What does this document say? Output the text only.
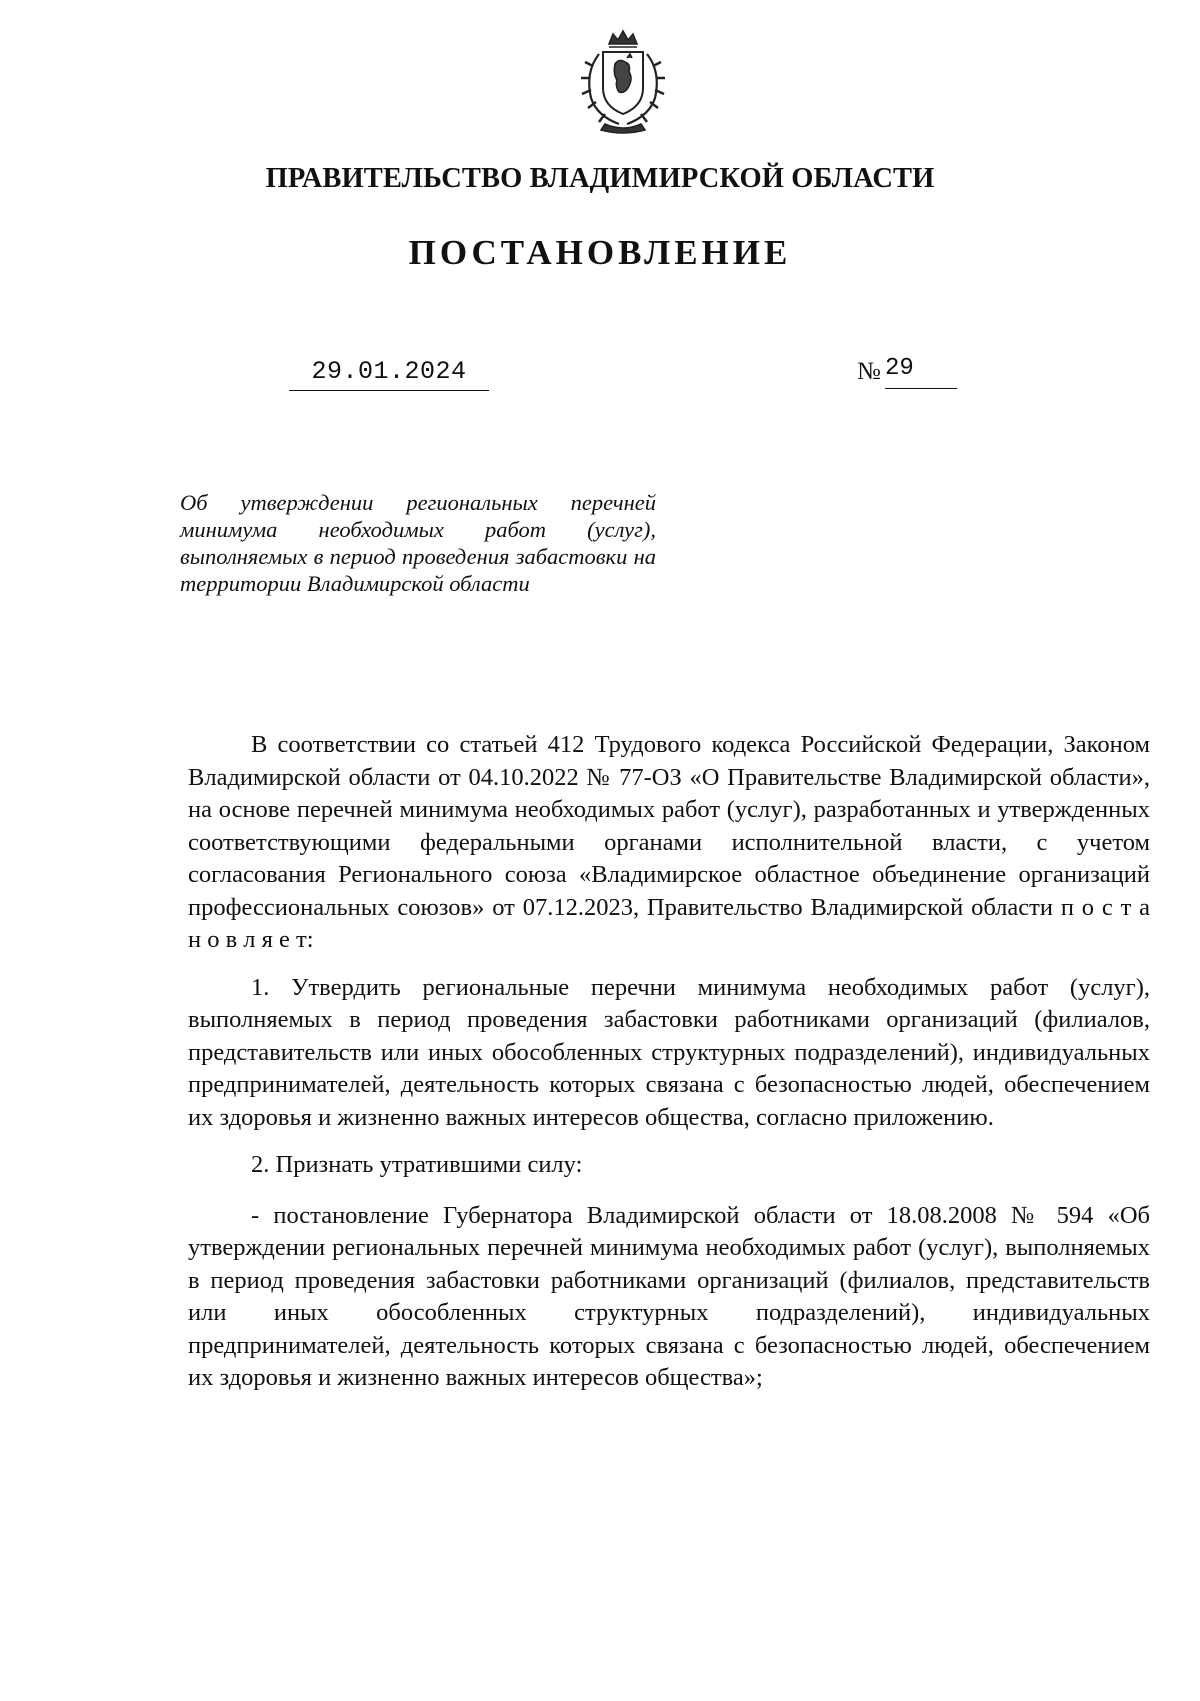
ПРАВИТЕЛЬСТВО ВЛАДИМИРСКОЙ ОБЛАСТИ
ПОСТАНОВЛЕНИЕ
29.01.2024	№ 29
Об утверждении региональных перечней минимума необходимых работ (услуг), выполняемых в период проведения забастовки на территории Владимирской области

В соответствии со статьей 412 Трудового кодекса Российской Федерации, Законом Владимирской области от 04.10.2022 № 77-ОЗ «О Правительстве Владимирской области», на основе перечней минимума необходимых работ (услуг), разработанных и утвержденных соответствующими федеральными органами исполнительной власти, с учетом согласования Регионального союза «Владимирское областное объединение организаций профессиональных союзов» от 07.12.2023, Правительство Владимирской области п о с т а н о в л я е т:

1. Утвердить региональные перечни минимума необходимых работ (услуг), выполняемых в период проведения забастовки работниками организаций (филиалов, представительств или иных обособленных структурных подразделений), индивидуальных предпринимателей, деятельность которых связана с безопасностью людей, обеспечением их здоровья и жизненно важных интересов общества, согласно приложению.

2. Признать утратившими силу:

- постановление Губернатора Владимирской области от 18.08.2008 № 594 «Об утверждении региональных перечней минимума необходимых работ (услуг), выполняемых в период проведения забастовки работниками организаций (филиалов, представительств или иных обособленных структурных подразделений), индивидуальных предпринимателей, деятельность которых связана с безопасностью людей, обеспечением их здоровья и жизненно важных интересов общества»;
